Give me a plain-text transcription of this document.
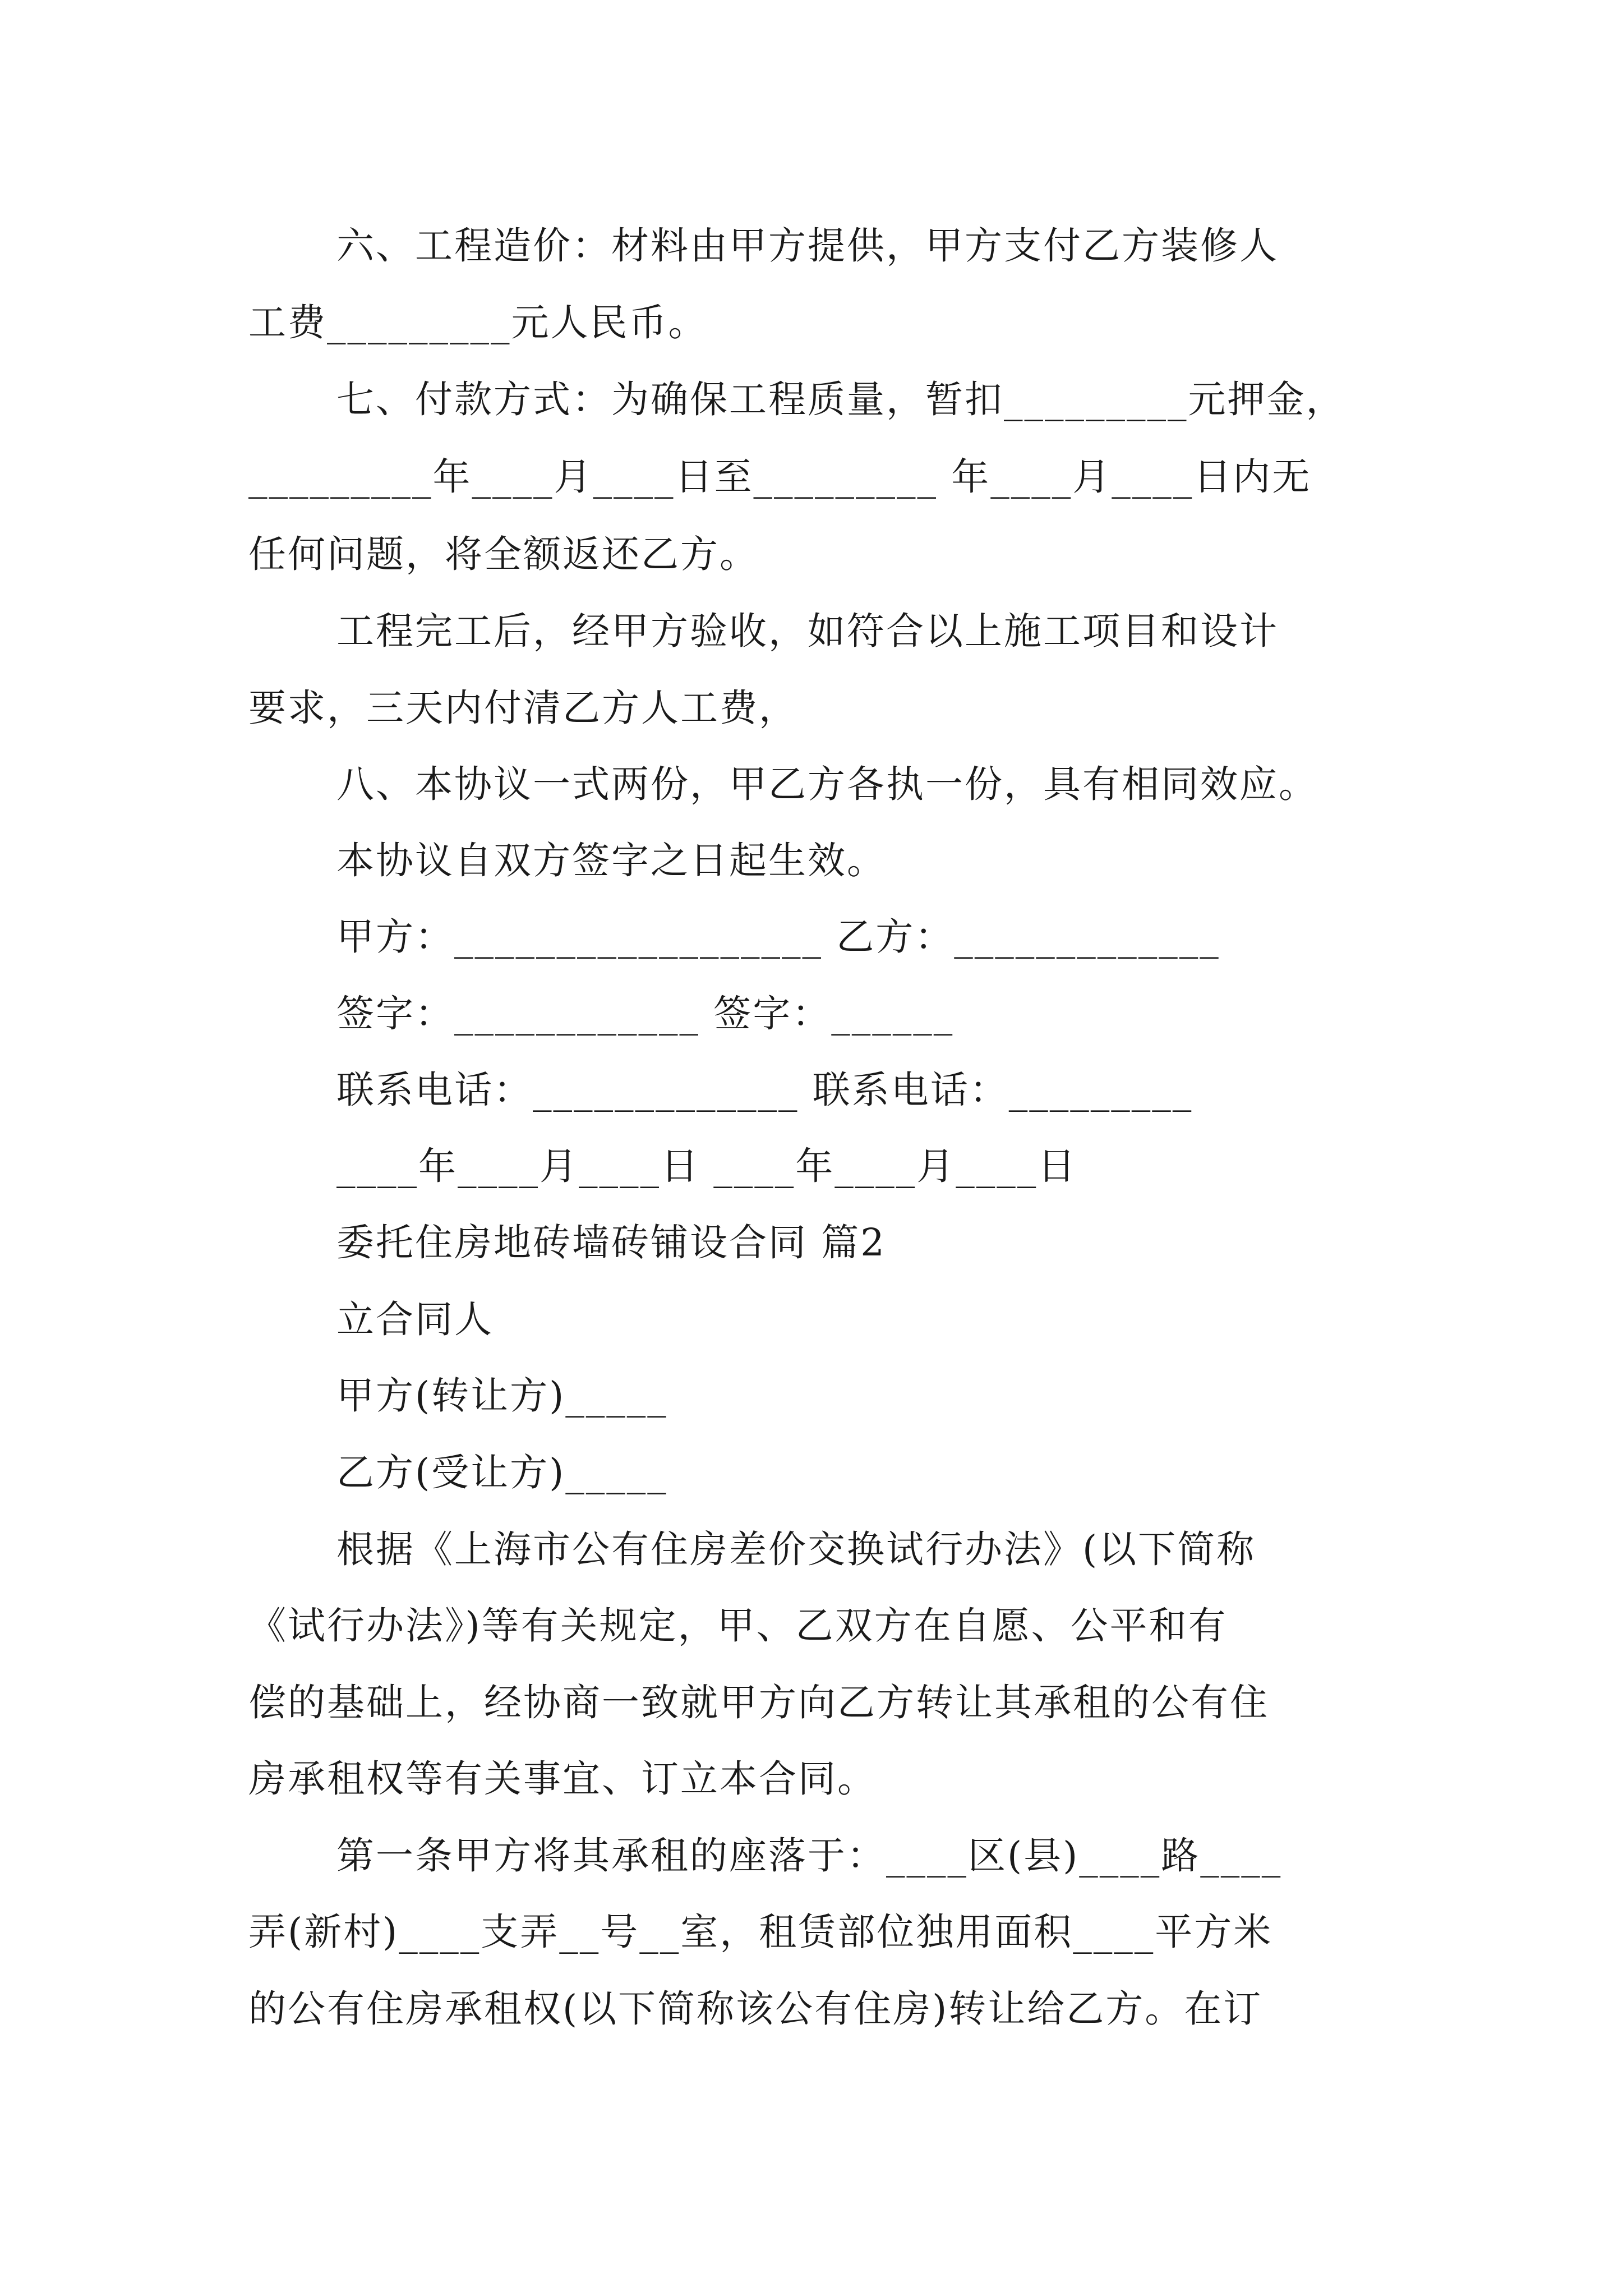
六、工程造价：材料由甲方提供，甲方支付乙方装修人

工费_________元人民币。

七、付款方式：为确保工程质量，暂扣_________元押金，

_________年____月____日至_________ 年____月____日内无

任何问题，将全额返还乙方。

工程完工后，经甲方验收，如符合以上施工项目和设计

要求，三天内付清乙方人工费，

八、本协议一式两份，甲乙方各执一份，具有相同效应。

本协议自双方签字之日起生效。

甲方：__________________ 乙方：_____________

签字：____________ 签字：______

联系电话：_____________ 联系电话：_________

____年____月____日 ____年____月____日

委托住房地砖墙砖铺设合同 篇2

立合同人

甲方(转让方)_____

乙方(受让方)_____

根据《上海市公有住房差价交换试行办法》(以下简称

《试行办法》)等有关规定，甲、乙双方在自愿、公平和有

偿的基础上，经协商一致就甲方向乙方转让其承租的公有住

房承租权等有关事宜、订立本合同。

第一条甲方将其承租的座落于：____区(县)____路____

弄(新村)____支弄__号__室，租赁部位独用面积____平方米

的公有住房承租权(以下简称该公有住房)转让给乙方。在订
